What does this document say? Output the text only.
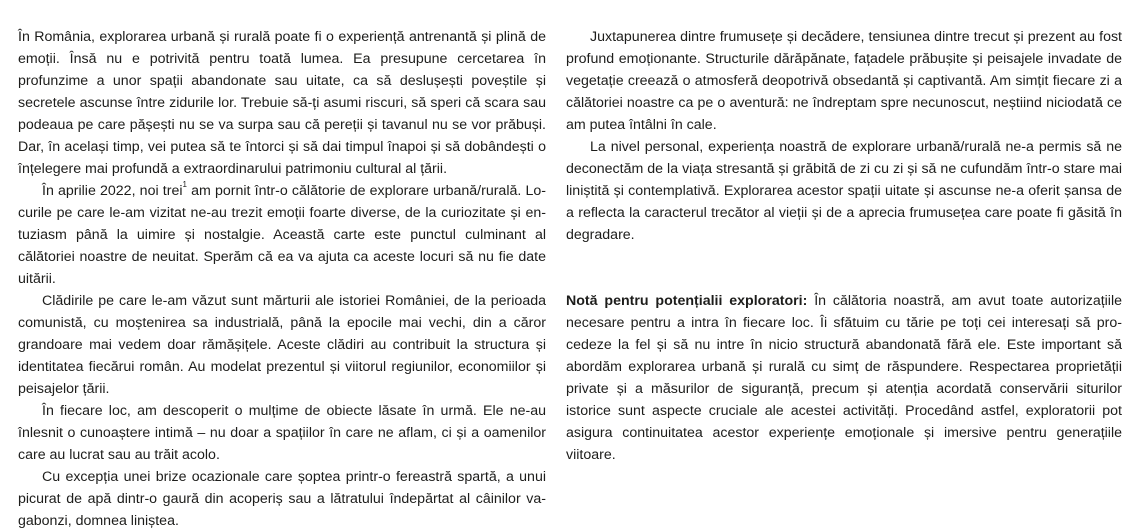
În România, explorarea urbană și rurală poate fi o experiență antrenantă și plină de emoții. Însă nu e potrivită pentru toată lumea. Ea presupune cercetarea în profunzime a unor spații abandonate sau uitate, ca să deslușești poveștile și secretele ascunse între zidurile lor. Trebuie să-ți asumi riscuri, să speri că scara sau podeaua pe care pășești nu se va surpa sau că pereții și tavanul nu se vor prăbuși. Dar, în același timp, vei putea să te întorci și să dai timpul înapoi și să dobândești o înțelegere mai profundă a extraordinarului patrimoniu cultural al țării.

În aprilie 2022, noi trei$^1$ am pornit într-o călătorie de explorare urbană/rurală. Locurile pe care le-am vizitat ne-au trezit emoții foarte diverse, de la curiozitate și entuziasm până la uimire și nostalgie. Această carte este punctul culminant al călătoriei noastre de neuitat. Sperăm că ea va ajuta ca aceste locuri să nu fie date uitării.

Clădirile pe care le-am văzut sunt mărturii ale istoriei României, de la perioada comunistă, cu moștenirea sa industrială, până la epocile mai vechi, din a căror grandoare mai vedem doar rămășițele. Aceste clădiri au contribuit la structura și identitatea fiecărui român. Au modelat prezentul și viitorul regiunilor, economiilor și peisajelor țării.

În fiecare loc, am descoperit o mulțime de obiecte lăsate în urmă. Ele ne-au înlesnit o cunoaștere intimă – nu doar a spațiilor în care ne aflam, ci și a oamenilor care au lucrat sau au trăit acolo.

Cu excepția unei brize ocazionale care șoptea printr-o fereastră spartă, a unui picurat de apă dintr-o gaură din acoperiș sau a lătratului îndepărtat al câinilor vagabonzi, domnea liniștea.

Juxtapunerea dintre frumusețe și decădere, tensiunea dintre trecut și prezent au fost profund emoționante. Structurile dărăpănate, fațadele prăbușite și peisajele invadate de vegetație creează o atmosferă deopotrivă obsedantă și captivantă. Am simțit fiecare zi a călătoriei noastre ca pe o aventură: ne îndreptam spre necunoscut, neștiind niciodată ce am putea întâlni în cale.

La nivel personal, experiența noastră de explorare urbană/rurală ne-a permis să ne deconectăm de la viața stresantă și grăbită de zi cu zi și să ne cufundăm într-o stare mai liniștită și contemplativă. Explorarea acestor spații uitate și ascunse ne-a oferit șansa de a reflecta la caracterul trecător al vieții și de a aprecia frumusețea care poate fi găsită în degradare.

Notă pentru potențialii exploratori: În călătoria noastră, am avut toate autorizațiile necesare pentru a intra în fiecare loc. Îi sfătuim cu tărie pe toți cei interesați să procedeze la fel și să nu intre în nicio structură abandonată fără ele. Este important să abordăm explorarea urbană și rurală cu simț de răspundere. Respectarea proprietății private și a măsurilor de siguranță, precum și atenția acordată conservării siturilor istorice sunt aspecte cruciale ale acestei activități. Procedând astfel, exploratorii pot asigura continuitatea acestor experiențe emoționale și imersive pentru generațiile viitoare.
